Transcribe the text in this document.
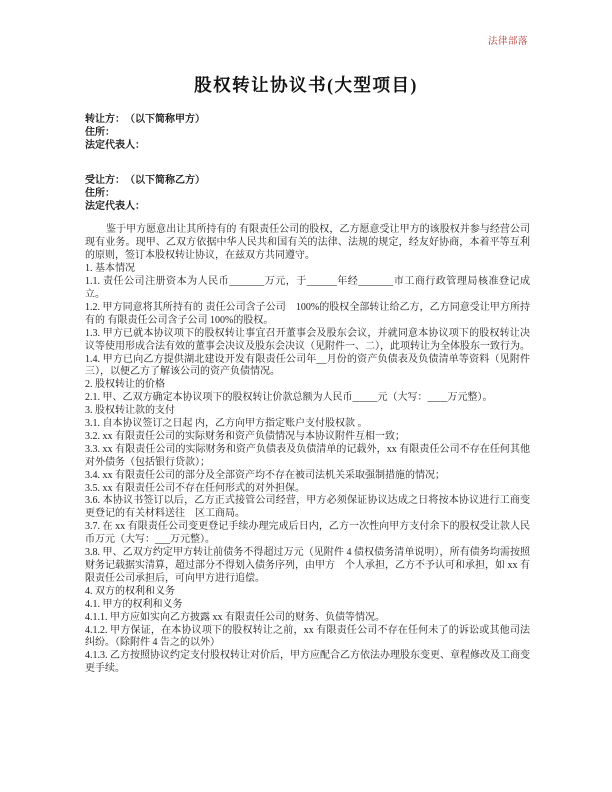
法律部落
股权转让协议书(大型项目)

转让方：　（以下简称甲方）

住所：

法定代表人：

受让方：　（以下简称乙方）

住所：

法定代表人：

鉴于甲方愿意出让其所持有的 有限责任公司的股权，乙方愿意受让甲方的该股权并参与经营公司现有业务。现甲、乙双方依据中华人民共和国有关的法律、法规的规定，经友好协商，本着平等互利的原则，签订本股权转让协议，在兹双方共同遵守。

1. 基本情况

1.1. 责任公司注册资本为人民币_______万元，于______年经_______市工商行政管理局核准登记成立。

1.2. 甲方同意将其所持有的 责任公司含子公司　100%的股权全部转让给乙方，乙方同意受让甲方所持有的 有限责任公司含子公司 100%的股权。

1.3. 甲方已就本协议项下的股权转让事宜召开董事会及股东会议，并就同意本协议项下的股权转让决议等使用形成合法有效的董事会决议及股东会决议（见附件一、二），此项转让为全体股东一致行为。

1.4. 甲方已向乙方提供湖北建设开发有限责任公司年__月份的资产负债表及负债清单等资料（见附件三），以便乙方了解该公司的资产负债情况。

2. 股权转让的价格

2.1. 甲、乙双方确定本协议项下的股权转让价款总额为人民币_____元（大写：____万元整）。

3. 股权转让款的支付

3.1. 自本协议签订之日起 内，乙方向甲方指定账户支付股权款 。

3.2. xx 有限责任公司的实际财务和资产负债情况与本协议附件互相一致；

3.3. xx 有限责任公司的实际财务和资产负债表及负债清单的记载外，xx 有限责任公司不存在任何其他对外债务（包括银行贷款）；

3.4. xx 有限责任公司的部分及全部资产均不存在被司法机关采取强制措施的情况；

3.5. xx 有限责任公司不存在任何形式的对外担保。

3.6. 本协议书签订以后，乙方正式接管公司经营，甲方必须保证协议达成之日将按本协议进行工商变更登记的有关材料送往　区工商局。

3.7. 在 xx 有限责任公司变更登记手续办理完成后日内，乙方一次性向甲方支付余下的股权受让款人民币万元（大写：___万元整）。

3.8. 甲、乙双方约定甲方转让前债务不得超过万元（见附件 4 债权债务清单说明），所有债务均需按照财务记载据实清算，超过部分不得划入债务序列，由甲方　个人承担，乙方不予认可和承担，如 xx 有限责任公司承担后，可向甲方进行追偿。

4. 双方的权利和义务

4.1. 甲方的权利和义务

4.1.1. 甲方应如实向乙方披露 xx 有限责任公司的财务、负债等情况。

4.1.2. 甲方保证，在本协议项下的股权转让之前，xx 有限责任公司不存在任何未了的诉讼或其他司法纠纷。（除附件 4 告之的以外）

4.1.3. 乙方按照协议约定支付股权转让对价后，甲方应配合乙方依法办理股东变更、章程修改及工商变更手续。
